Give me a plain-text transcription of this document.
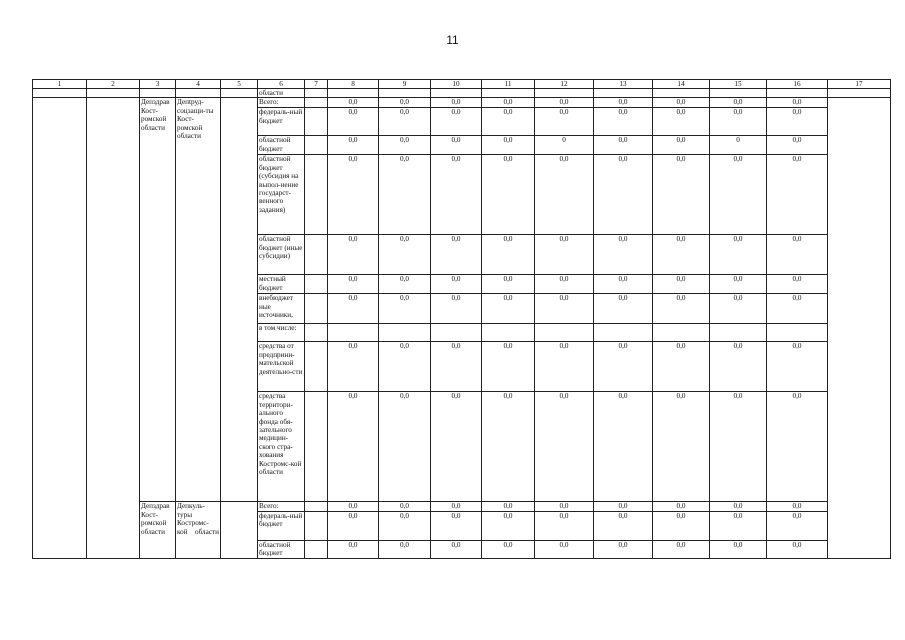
11
1	2	3	4	5	6	7	8	9	10	11	12	13	14	15	16	17
					области											
		Депздрав Кост-ромской области	Депtруд-соцзащи-ты Кост-ромской области		Всего:		0,0	0,0	0,0	0,0	0,0	0,0	0,0	0,0	0,0	
					федераль-ный бюджет		0,0	0,0	0,0	0,0	0,0	0,0	0,0	0,0	0,0	
					областной бюджет		0,0	0,0	0,0	0,0	0	0,0	0,0	0	0,0	
					областной бюджет (субсидия на выпол-нение государст-венного задания)		0,0	0,0	0,0	0,0	0,0	0,0	0,0	0,0	0,0	
					областной бюджет (иные субсидии)		0,0	0,0	0,0	0,0	0,0	0,0	0,0	0,0	0,0	
					местный бюджет		0,0	0,0	0,0	0,0	0,0	0,0	0,0	0,0	0,0	
					внебюджет ные источники,		0,0	0,0	0,0	0,0	0,0	0,0	0,0	0,0	0,0	
					в том числе:											
					средства от предприни-мательской деятельно-сти		0,0	0,0	0,0	0,0	0,0	0,0	0,0	0,0	0,0	
					средства территори-ального фонда обя-зательного медицин-ского стра-хования Костромс-кой области		0,0	0,0	0,0	0,0	0,0	0,0	0,0	0,0	0,0	
		Депздрав Кост-ромской области	Депкуль-туры Костромс-кой области		Всего:		0,0	0,0	0,0	0,0	0,0	0,0	0,0	0,0	0,0	
					федераль-ный бюджет		0,0	0,0	0,0	0,0	0,0	0,0	0,0	0,0	0,0	
					областной бюджет		0,0	0,0	0,0	0,0	0,0	0,0	0,0	0,0	0,0	
